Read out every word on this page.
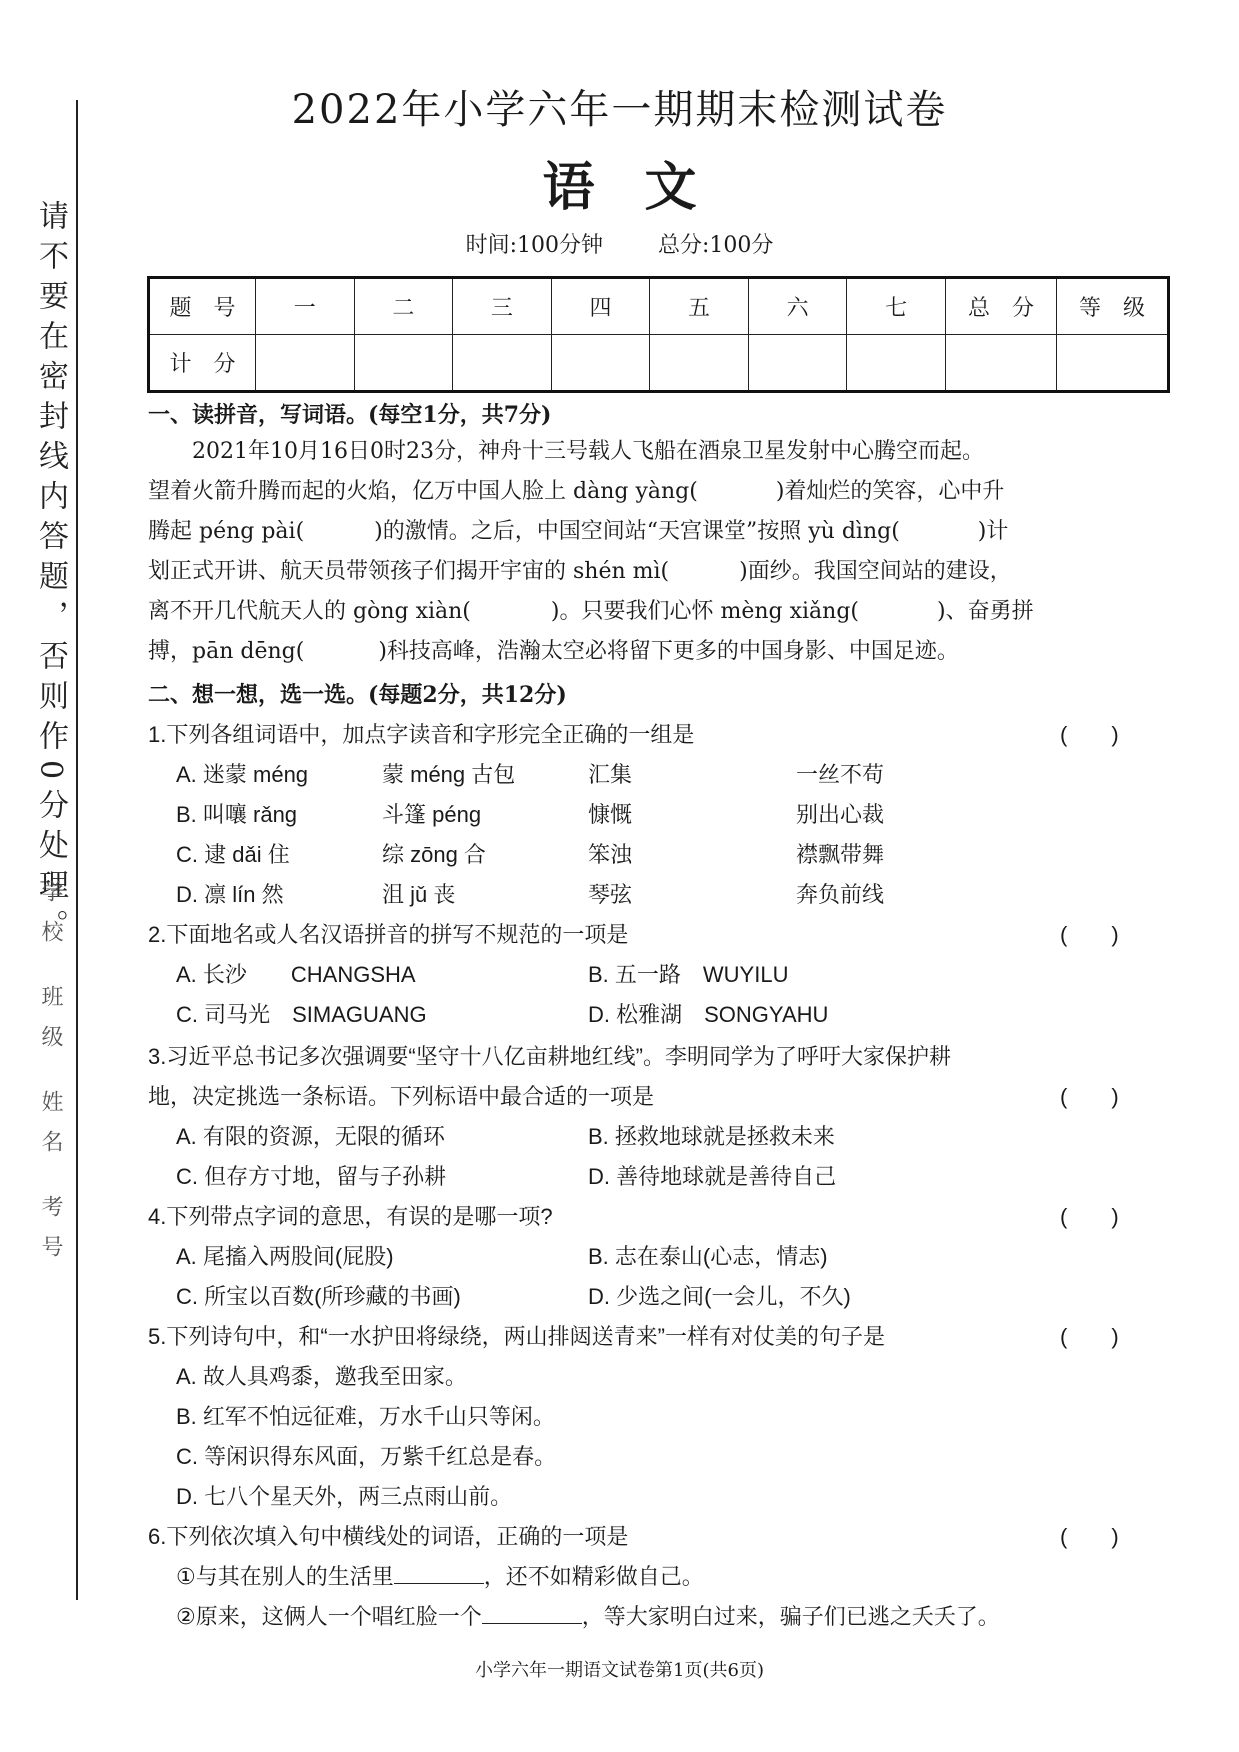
请不要在密封线内答题，否则作0分处理。
学校 班级 姓名 考号
2022年小学六年一期期末检测试卷
语文
时间:100分钟	总分:100分
题　号	一	二	三	四	五	六	七	总　分	等　级
计　分									
一、读拼音，写词语。(每空1分，共7分)

2021年10月16日0时23分，神舟十三号载人飞船在酒泉卫星发射中心腾空而起。

望着火箭升腾而起的火焰，亿万中国人脸上 dàng yàng(	)着灿烂的笑容，心中升

腾起 péng pài(	)的激情。之后，中国空间站“天宫课堂”按照 yù dìng(	)计

划正式开讲、航天员带领孩子们揭开宇宙的 shén mì(	)面纱。我国空间站的建设，

离不开几代航天人的 gòng xiàn(	)。只要我们心怀 mèng xiǎng(	)、奋勇拼

搏，pān dēng(	)科技高峰，浩瀚太空必将留下更多的中国身影、中国足迹。

二、想一想，选一选。(每题2分，共12分)
1.下列各组词语中，加点字读音和字形完全正确的一组是	(　　)
A. 迷蒙 méng	蒙 méng 古包	汇集	一丝不苟
B. 叫嚷 rǎng	斗篷 péng	慷慨	别出心裁
C. 逮 dǎi 住	综 zōng 合	笨浊	襟飘带舞
D. 凛 lín 然	沮 jǔ 丧	琴弦	奔负前线
2.下面地名或人名汉语拼音的拼写不规范的一项是	(　　)
A. 长沙　　CHANGSHA	B. 五一路　WUYILU
C. 司马光　SIMAGUANG	D. 松雅湖　SONGYAHU
3.习近平总书记多次强调要“坚守十八亿亩耕地红线”。李明同学为了呼吁大家保护耕
地，决定挑选一条标语。下列标语中最合适的一项是	(　　)
A. 有限的资源，无限的循环	B. 拯救地球就是拯救未来
C. 但存方寸地，留与子孙耕	D. 善待地球就是善待自己
4.下列带点字词的意思，有误的是哪一项?	(　　)
A. 尾搐入两股间(屁股)	B. 志在泰山(心志，情志)
C. 所宝以百数(所珍藏的书画)	D. 少选之间(一会儿，不久)
5.下列诗句中，和“一水护田将绿绕，两山排闼送青来”一样有对仗美的句子是	(　　)
A. 故人具鸡黍，邀我至田家。
B. 红军不怕远征难，万水千山只等闲。
C. 等闲识得东风面，万紫千红总是春。
D. 七八个星天外，两三点雨山前。
6.下列依次填入句中横线处的词语，正确的一项是	(　　)
①与其在别人的生活里	，还不如精彩做自己。
②原来，这俩人一个唱红脸一个	，等大家明白过来，骗子们已逃之夭夭了。
小学六年一期语文试卷第1页(共6页)
